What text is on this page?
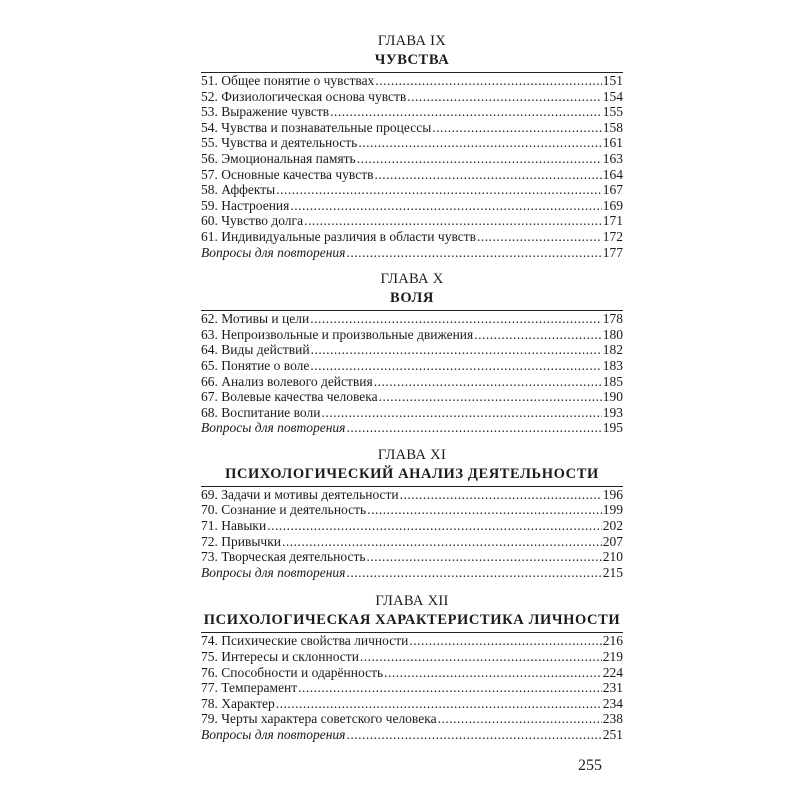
ГЛАВА IX
ЧУВСТВА
51. Общее понятие о чувствах .....	151
52. Физиологическая основа чувств .....	154
53. Выражение чувств .....	155
54. Чувства и познавательные процессы .....	158
55. Чувства и деятельность .....	161
56. Эмоциональная память .....	163
57. Основные качества чувств .....	164
58. Аффекты .....	167
59. Настроения .....	169
60. Чувство долга .....	171
61. Индивидуальные различия в области чувств .....	172
Вопросы для повторения .....	177
ГЛАВА X
ВОЛЯ
62. Мотивы и цели .....	178
63. Непроизвольные и произвольные движения .....	180
64. Виды действий .....	182
65. Понятие о воле .....	183
66. Анализ волевого действия .....	185
67. Волевые качества человека .....	190
68. Воспитание воли .....	193
Вопросы для повторения .....	195
ГЛАВА XI
ПСИХОЛОГИЧЕСКИЙ АНАЛИЗ ДЕЯТЕЛЬНОСТИ
69. Задачи и мотивы деятельности .....	196
70. Сознание и деятельность .....	199
71. Навыки .....	202
72. Привычки .....	207
73. Творческая деятельность .....	210
Вопросы для повторения .....	215
ГЛАВА XII
ПСИХОЛОГИЧЕСКАЯ ХАРАКТЕРИСТИКА ЛИЧНОСТИ
74. Психические свойства личности .....	216
75. Интересы и склонности .....	219
76. Способности и одарённость .....	224
77. Темперамент .....	231
78. Характер .....	234
79. Черты характера советского человека .....	238
Вопросы для повторения .....	251
255
